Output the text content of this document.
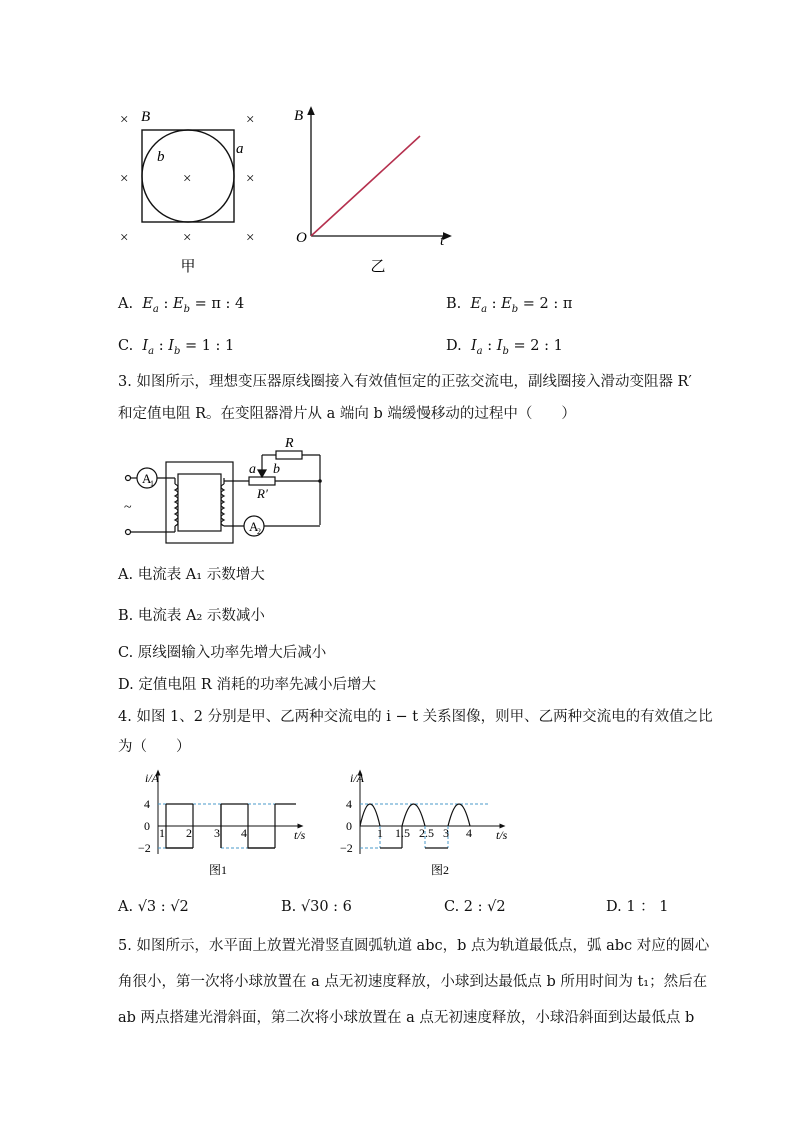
×	×
×	×	×
×	×	×
B
b	a
甲
B
O	t
乙
A. $E_a$ : $E_b = \pi$ : 4	B. $E_a$ : $E_b = 2$ : π
C. $I_a$ : $I_b = 1$ : 1	D. $I_a$ : $I_b = 2$ : 1
3. 如图所示，理想变压器原线圈接入有效值恒定的正弦交流电，副线圈接入滑动变阻器 R′
和定值电阻 R。在变阻器滑片从 a 端向 b 端缓慢移动的过程中（　　）
A
1
A
2
~
R
a b
R′
A. 电流表 A₁ 示数增大
B. 电流表 A₂ 示数减小
C. 原线圈输入功率先增大后减小
D. 定值电阻 R 消耗的功率先减小后增大
4. 如图 1、2 分别是甲、乙两种交流电的 i − t 关系图像，则甲、乙两种交流电的有效值之比
为（　　）
i/A
4
0
−2
1 2 3 4	t/s
图1
i/A
4
0
−2
1 1.5 2.5 3 4 t/s
图2
A. √3 : √2	B. √30 : 6	C. 2 : √2	D. 1 ： 1
5. 如图所示，水平面上放置光滑竖直圆弧轨道 abc，b 点为轨道最低点，弧 abc 对应的圆心
角很小，第一次将小球放置在 a 点无初速度释放，小球到达最低点 b 所用时间为 t₁；然后在
ab 两点搭建光滑斜面，第二次将小球放置在 a 点无初速度释放，小球沿斜面到达最低点 b
